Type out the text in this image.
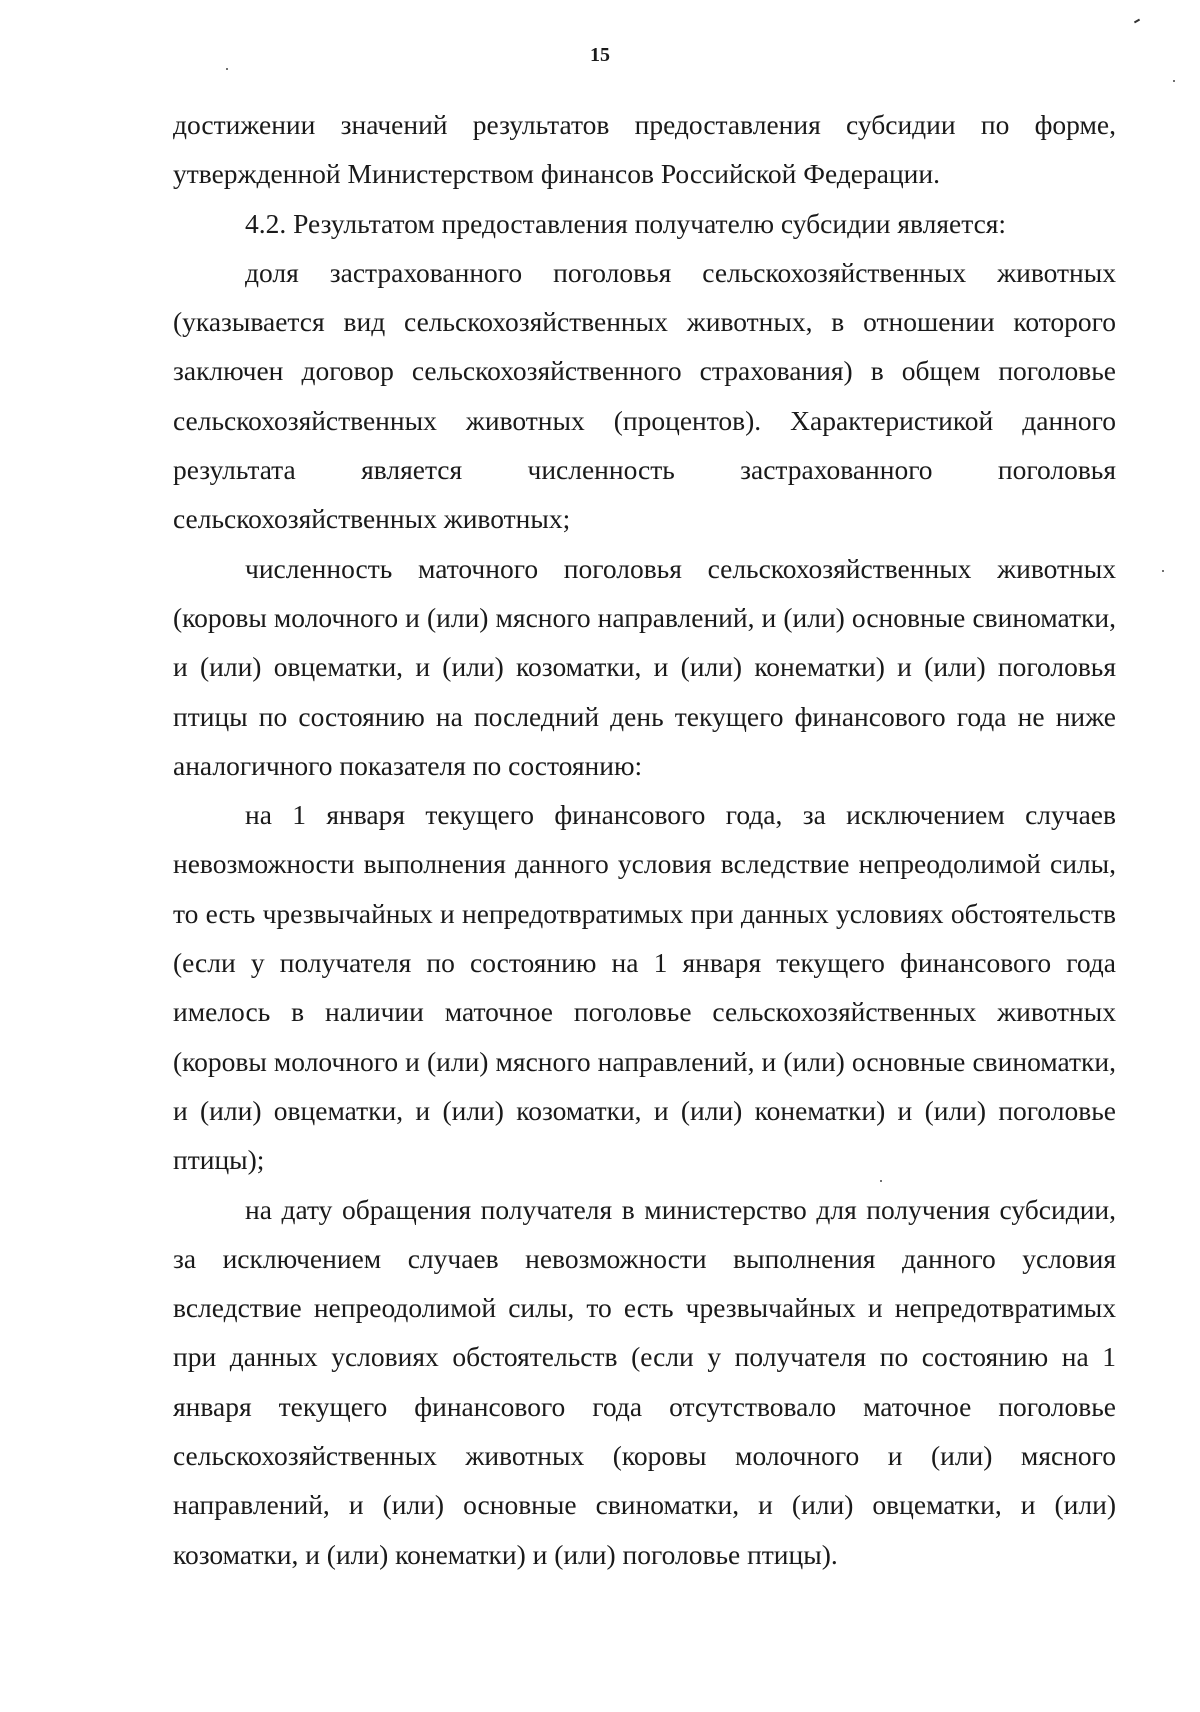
15

достижении значений результатов предоставления субсидии по форме, утвержденной Министерством финансов Российской Федерации.

4.2. Результатом предоставления получателю субсидии является:

доля застрахованного поголовья сельскохозяйственных животных (указывается вид сельскохозяйственных животных, в отношении которого заключен договор сельскохозяйственного страхования) в общем поголовье сельскохозяйственных животных (процентов). Характеристикой данного результата является численность застрахованного поголовья сельскохозяйственных животных;

численность маточного поголовья сельскохозяйственных животных (коровы молочного и (или) мясного направлений, и (или) основные свиноматки, и (или) овцематки, и (или) козоматки, и (или) конематки) и (или) поголовья птицы по состоянию на последний день текущего финансового года не ниже аналогичного показателя по состоянию:

на 1 января текущего финансового года, за исключением случаев невозможности выполнения данного условия вследствие непреодолимой силы, то есть чрезвычайных и непредотвратимых при данных условиях обстоятельств (если у получателя по состоянию на 1 января текущего финансового года имелось в наличии маточное поголовье сельскохозяйственных животных (коровы молочного и (или) мясного направлений, и (или) основные свиноматки, и (или) овцематки, и (или) козоматки, и (или) конематки) и (или) поголовье птицы);

на дату обращения получателя в министерство для получения субсидии, за исключением случаев невозможности выполнения данного условия вследствие непреодолимой силы, то есть чрезвычайных и непредотвратимых при данных условиях обстоятельств (если у получателя по состоянию на 1 января текущего финансового года отсутствовало маточное поголовье сельскохозяйственных животных (коровы молочного и (или) мясного направлений, и (или) основные свиноматки, и (или) овцематки, и (или) козоматки, и (или) конематки) и (или) поголовье птицы).
